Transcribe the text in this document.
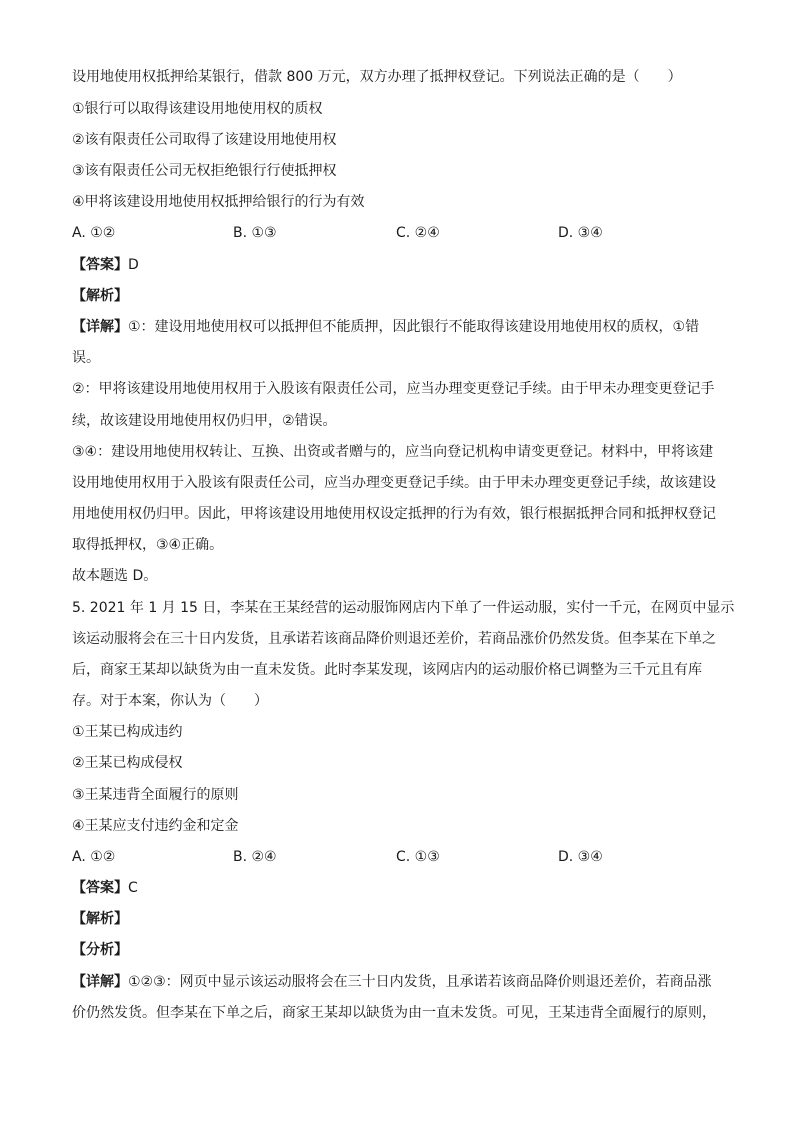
设用地使用权抵押给某银行，借款 800 万元，双方办理了抵押权登记。下列说法正确的是（　　）
①银行可以取得该建设用地使用权的质权
②该有限责任公司取得了该建设用地使用权
③该有限责任公司无权拒绝银行行使抵押权
④甲将该建设用地使用权抵押给银行的行为有效
A. ①②	B. ①③	C. ②④	D. ③④
【答案】D
【解析】
【详解】①：建设用地使用权可以抵押但不能质押，因此银行不能取得该建设用地使用权的质权，①错
误。
②：甲将该建设用地使用权用于入股该有限责任公司，应当办理变更登记手续。由于甲未办理变更登记手
续，故该建设用地使用权仍归甲，②错误。
③④：建设用地使用权转让、互换、出资或者赠与的，应当向登记机构申请变更登记。材料中，甲将该建
设用地使用权用于入股该有限责任公司，应当办理变更登记手续。由于甲未办理变更登记手续，故该建设
用地使用权仍归甲。因此，甲将该建设用地使用权设定抵押的行为有效，银行根据抵押合同和抵押权登记
取得抵押权，③④正确。
故本题选 D。
5. 2021 年 1 月 15 日，李某在王某经营的运动服饰网店内下单了一件运动服，实付一千元，在网页中显示
该运动服将会在三十日内发货，且承诺若该商品降价则退还差价，若商品涨价仍然发货。但李某在下单之
后，商家王某却以缺货为由一直未发货。此时李某发现，该网店内的运动服价格已调整为三千元且有库
存。对于本案，你认为（　　）
①王某已构成违约
②王某已构成侵权
③王某违背全面履行的原则
④王某应支付违约金和定金
A. ①②	B. ②④	C. ①③	D. ③④
【答案】C
【解析】
【分析】
【详解】①②③：网页中显示该运动服将会在三十日内发货，且承诺若该商品降价则退还差价，若商品涨
价仍然发货。但李某在下单之后，商家王某却以缺货为由一直未发货。可见，王某违背全面履行的原则，
